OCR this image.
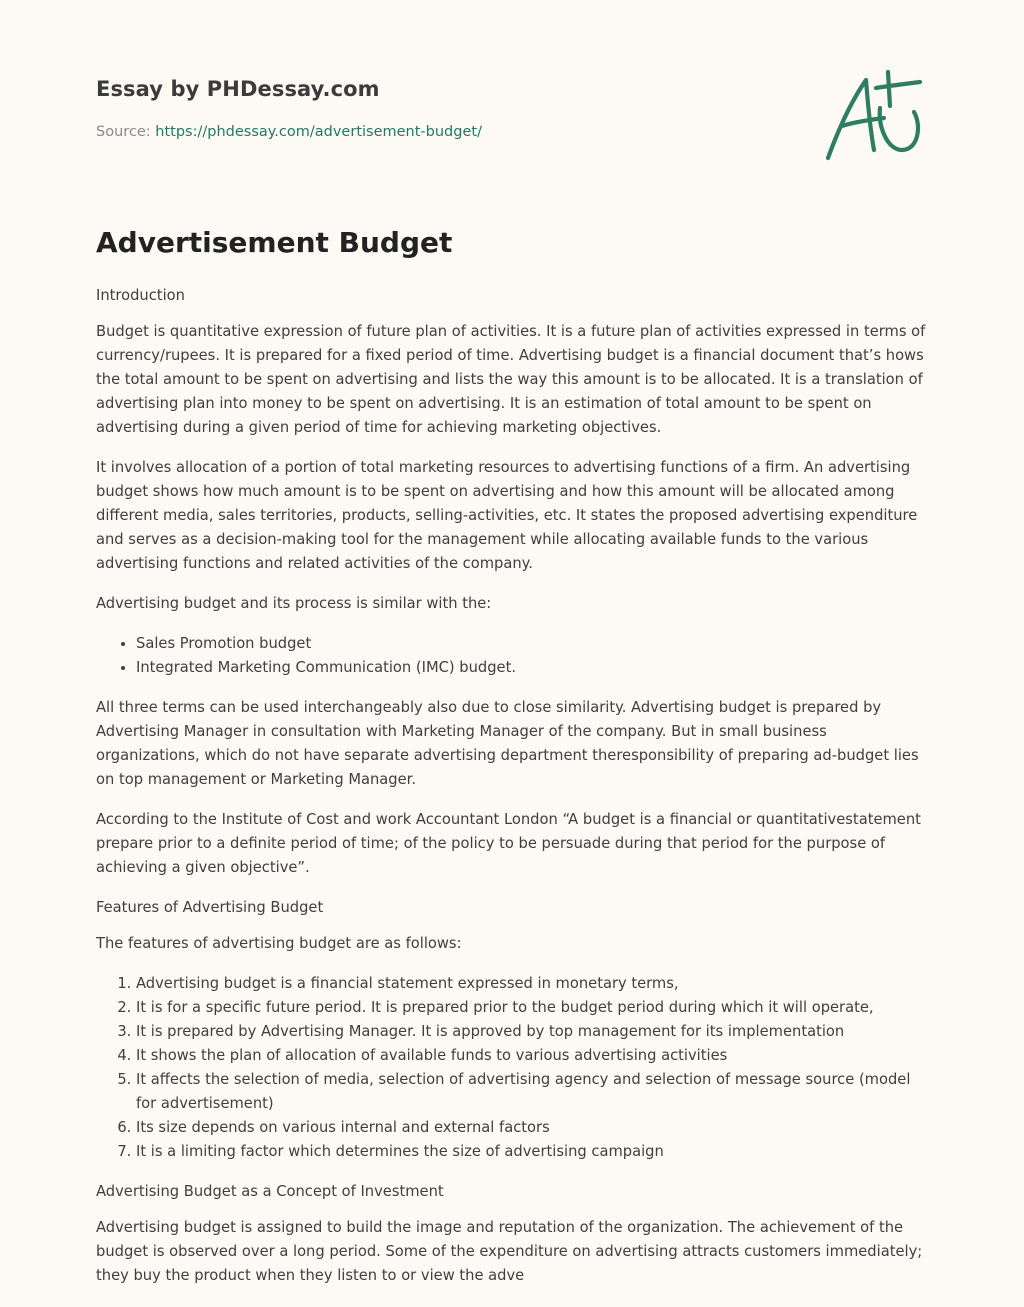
Essay by PHDessay.com
Source: https://phdessay.com/advertisement-budget/
Advertisement Budget

Introduction

Budget is quantitative expression of future plan of activities. It is a future plan of activities expressed in terms of currency/rupees. It is prepared for a fixed period of time. Advertising budget is a financial document that’s hows the total amount to be spent on advertising and lists the way this amount is to be allocated. It is a translation of advertising plan into money to be spent on advertising. It is an estimation of total amount to be spent on advertising during a given period of time for achieving marketing objectives.

It involves allocation of a portion of total marketing resources to advertising functions of a firm. An advertising budget shows how much amount is to be spent on advertising and how this amount will be allocated among different media, sales territories, products, selling-activities, etc. It states the proposed advertising expenditure and serves as a decision-making tool for the management while allocating available funds to the various advertising functions and related activities of the company.

Advertising budget and its process is similar with the:

• Sales Promotion budget
• Integrated Marketing Communication (IMC) budget.

All three terms can be used interchangeably also due to close similarity. Advertising budget is prepared by Advertising Manager in consultation with Marketing Manager of the company. But in small business organizations, which do not have separate advertising department theresponsibility of preparing ad-budget lies on top management or Marketing Manager.

According to the Institute of Cost and work Accountant London “A budget is a financial or quantitativestatement prepare prior to a definite period of time; of the policy to be persuade during that period for the purpose of achieving a given objective”.

Features of Advertising Budget

The features of advertising budget are as follows:

1. Advertising budget is a financial statement expressed in monetary terms,
2. It is for a specific future period. It is prepared prior to the budget period during which it will operate,
3. It is prepared by Advertising Manager. It is approved by top management for its implementation
4. It shows the plan of allocation of available funds to various advertising activities
5. It affects the selection of media, selection of advertising agency and selection of message source (model for advertisement)
6. Its size depends on various internal and external factors
7. It is a limiting factor which determines the size of advertising campaign

Advertising Budget as a Concept of Investment

Advertising budget is assigned to build the image and reputation of the organization. The achievement of the budget is observed over a long period. Some of the expenditure on advertising attracts customers immediately; they buy the product when they listen to or view the adve
